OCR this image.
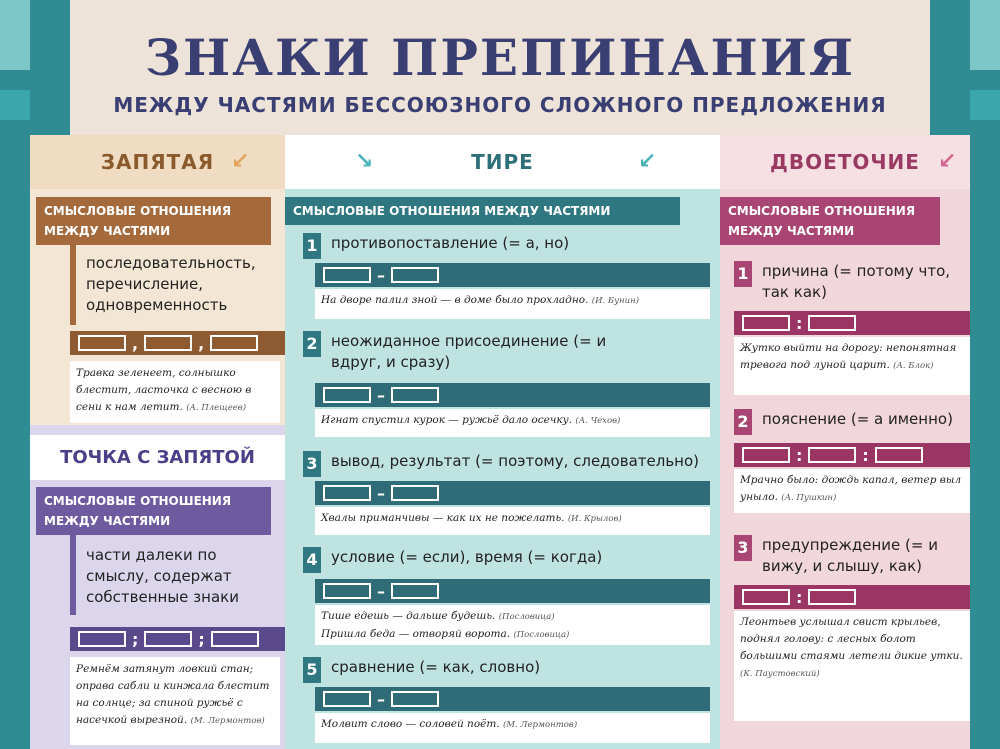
ЗНАКИ ПРЕПИНАНИЯ
МЕЖДУ ЧАСТЯМИ БЕССОЮЗНОГО СЛОЖНОГО ПРЕДЛОЖЕНИЯ
ЗАПЯТАЯ ↙
СМЫСЛОВЫЕ ОТНОШЕНИЯ МЕЖДУ ЧАСТЯМИ
последовательность, перечисление, одновременность
,	,
Травка зеленеет, солнышко блестит, ласточка с весною в сени к нам летит. (А. Плещеев)
ТОЧКА С ЗАПЯТОЙ
СМЫСЛОВЫЕ ОТНОШЕНИЯ МЕЖДУ ЧАСТЯМИ
части далеки по смыслу, содержат собственные знаки
;	;
Ремнём затянут ловкий стан; оправа сабли и кинжала блестит на солнце; за спиной ружьё с насечкой вырезной. (М. Лермонтов)
↘	ТИРЕ	↙
СМЫСЛОВЫЕ ОТНОШЕНИЯ МЕЖДУ ЧАСТЯМИ
1 противопоставление (= а, но)
–
На дворе палил зной — в доме было прохладно. (И. Бунин)
2 неожиданное присоединение (= и вдруг, и сразу)
–
Игнат спустил курок — ружьё дало осечку. (А. Чехов)
3 вывод, результат (= поэтому, следовательно)
–
Хвалы приманчивы — как их не пожелать. (И. Крылов)
4 условие (= если), время (= когда)
–
Тише едешь — дальше будешь. (Пословица)
Пришла беда — отворяй ворота. (Пословица)
5 сравнение (= как, словно)
–
Молвит слово — соловей поёт. (М. Лермонтов)
ДВОЕТОЧИЕ ↙
СМЫСЛОВЫЕ ОТНОШЕНИЯ МЕЖДУ ЧАСТЯМИ
1 причина (= потому что, так как)
:
Жутко выйти на дорогу: непонятная тревога под луной царит. (А. Блок)
2 пояснение (= а именно)
:	:
Мрачно было: дождь капал, ветер выл уныло. (А. Пушкин)
3 предупреждение (= и вижу, и слышу, как)
:
Леонтьев услышал свист крыльев, поднял голову: с лесных болот большими стаями летели дикие утки. (К. Паустовский)
